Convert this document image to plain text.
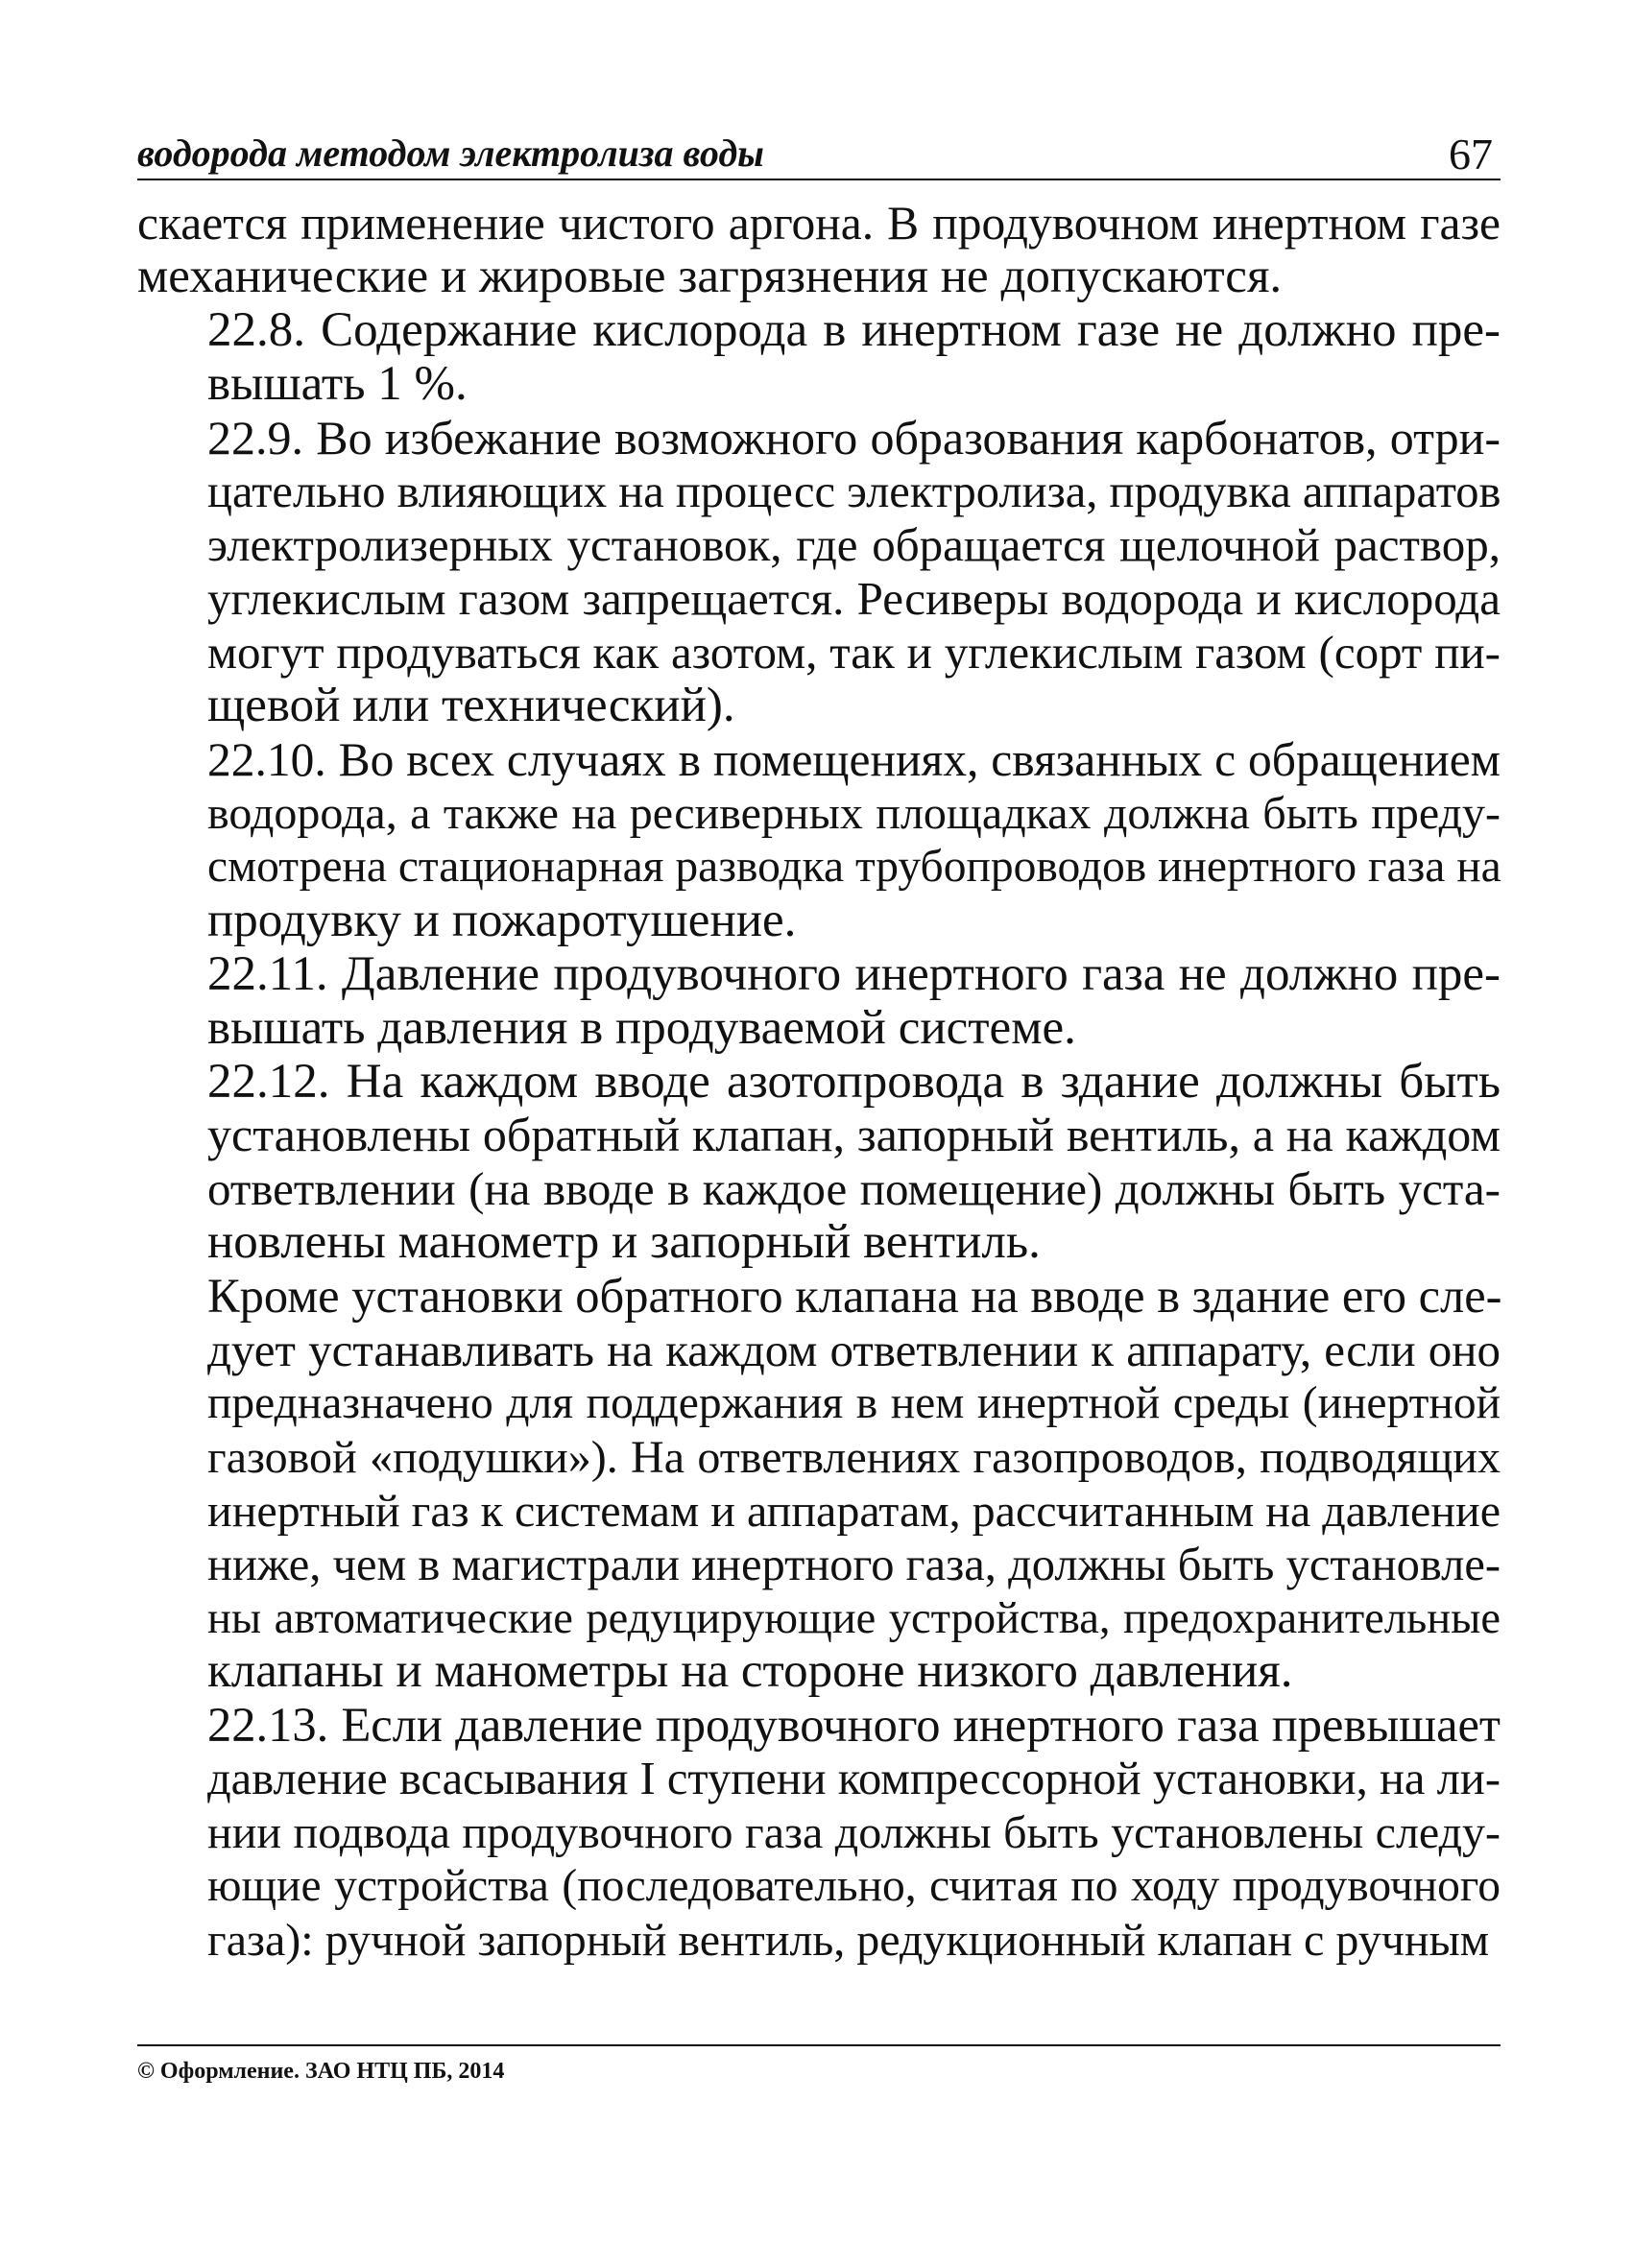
водорода методом электролиза воды	67

скается применение чистого аргона. В продувочном инертном газе
механические и жировые загрязнения не допускаются.

22.8. Содержание кислорода в инертном газе не должно пре-
вышать 1 %.

22.9. Во избежание возможного образования карбонатов, отри-
цательно влияющих на процесс электролиза, продувка аппаратов
электролизерных установок, где обращается щелочной раствор,
углекислым газом запрещается. Ресиверы водорода и кислорода
могут продуваться как азотом, так и углекислым газом (сорт пи-
щевой или технический).

22.10. Во всех случаях в помещениях, связанных с обращением
водорода, а также на ресиверных площадках должна быть преду-
смотрена стационарная разводка трубопроводов инертного газа на
продувку и пожаротушение.

22.11. Давление продувочного инертного газа не должно пре-
вышать давления в продуваемой системе.

22.12. На каждом вводе азотопровода в здание должны быть
установлены обратный клапан, запорный вентиль, а на каждом
ответвлении (на вводе в каждое помещение) должны быть уста-
новлены манометр и запорный вентиль.

Кроме установки обратного клапана на вводе в здание его сле-
дует устанавливать на каждом ответвлении к аппарату, если оно
предназначено для поддержания в нем инертной среды (инертной
газовой «подушки»). На ответвлениях газопроводов, подводящих
инертный газ к системам и аппаратам, рассчитанным на давление
ниже, чем в магистрали инертного газа, должны быть установле-
ны автоматические редуцирующие устройства, предохранительные
клапаны и манометры на стороне низкого давления.

22.13. Если давление продувочного инертного газа превышает
давление всасывания I ступени компрессорной установки, на ли-
нии подвода продувочного газа должны быть установлены следу-
ющие устройства (последовательно, считая по ходу продувочного
газа): ручной запорный вентиль, редукционный клапан с ручным

© Оформление. ЗАО НТЦ ПБ, 2014
